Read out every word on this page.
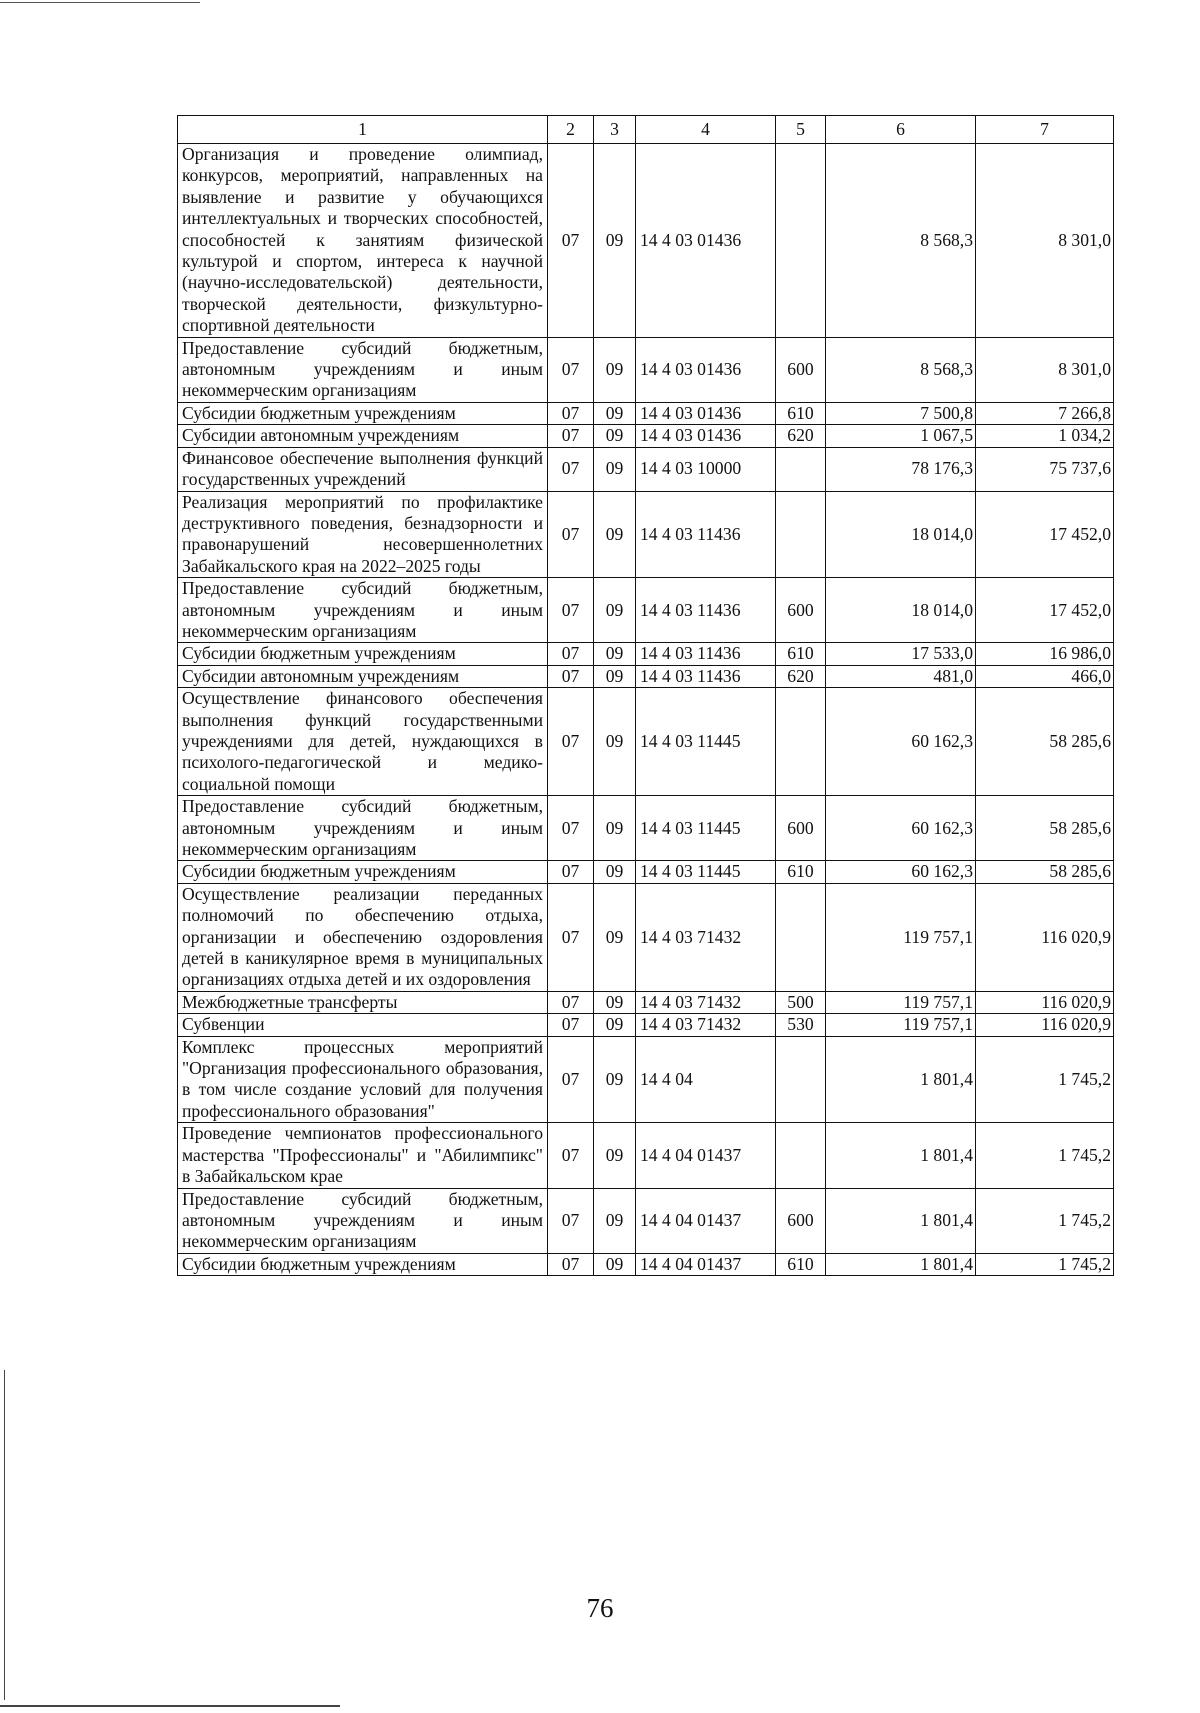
1	2	3	4	5	6	7
Организация и проведение олимпиад, конкурсов, мероприятий, направленных на выявление и развитие у обучающихся интеллектуальных и творческих способностей, способностей к занятиям физической культурой и спортом, интереса к научной (научно-исследовательской) деятельности, творческой деятельности, физкультурно-спортивной деятельности	07	09	14 4 03 01436		8 568,3	8 301,0
Предоставление субсидий бюджетным, автономным учреждениям и иным некоммерческим организациям	07	09	14 4 03 01436	600	8 568,3	8 301,0
Субсидии бюджетным учреждениям	07	09	14 4 03 01436	610	7 500,8	7 266,8
Субсидии автономным учреждениям	07	09	14 4 03 01436	620	1 067,5	1 034,2
Финансовое обеспечение выполнения функций государственных учреждений	07	09	14 4 03 10000		78 176,3	75 737,6
Реализация мероприятий по профилактике деструктивного поведения, безнадзорности и правонарушений несовершеннолетних Забайкальского края на 2022–2025 годы	07	09	14 4 03 11436		18 014,0	17 452,0
Предоставление субсидий бюджетным, автономным учреждениям и иным некоммерческим организациям	07	09	14 4 03 11436	600	18 014,0	17 452,0
Субсидии бюджетным учреждениям	07	09	14 4 03 11436	610	17 533,0	16 986,0
Субсидии автономным учреждениям	07	09	14 4 03 11436	620	481,0	466,0
Осуществление финансового обеспечения выполнения функций государственными учреждениями для детей, нуждающихся в психолого-педагогической и медико-социальной помощи	07	09	14 4 03 11445		60 162,3	58 285,6
Предоставление субсидий бюджетным, автономным учреждениям и иным некоммерческим организациям	07	09	14 4 03 11445	600	60 162,3	58 285,6
Субсидии бюджетным учреждениям	07	09	14 4 03 11445	610	60 162,3	58 285,6
Осуществление реализации переданных полномочий по обеспечению отдыха, организации и обеспечению оздоровления детей в каникулярное время в муниципальных организациях отдыха детей и их оздоровления	07	09	14 4 03 71432		119 757,1	116 020,9
Межбюджетные трансферты	07	09	14 4 03 71432	500	119 757,1	116 020,9
Субвенции	07	09	14 4 03 71432	530	119 757,1	116 020,9
Комплекс процессных мероприятий "Организация профессионального образования, в том числе создание условий для получения профессионального образования"	07	09	14 4 04		1 801,4	1 745,2
Проведение чемпионатов профессионального мастерства "Профессионалы" и "Абилимпикс" в Забайкальском крае	07	09	14 4 04 01437		1 801,4	1 745,2
Предоставление субсидий бюджетным, автономным учреждениям и иным некоммерческим организациям	07	09	14 4 04 01437	600	1 801,4	1 745,2
Субсидии бюджетным учреждениям	07	09	14 4 04 01437	610	1 801,4	1 745,2
76
